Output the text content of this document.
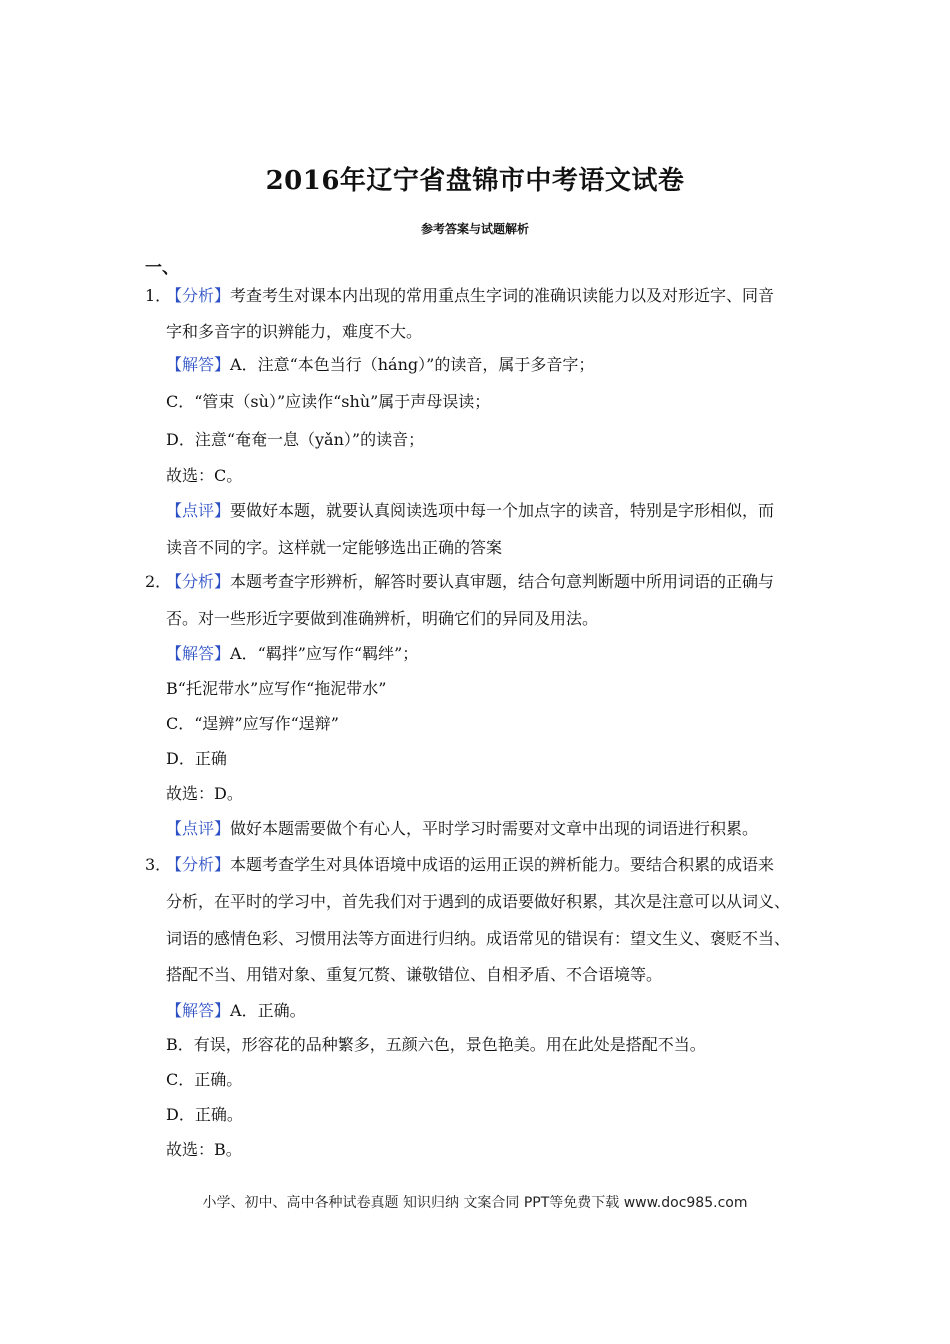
2016年辽宁省盘锦市中考语文试卷
参考答案与试题解析
一、
1．
【分析】考查考生对课本内出现的常用重点生字词的准确识读能力以及对形近字、同音
字和多音字的识辨能力，难度不大。
【解答】A．注意“本色当行（háng）”的读音，属于多音字；
C．“管束（sù）”应读作“shù”属于声母误读；
D．注意“奄奄一息（yǎn）”的读音；
故选：C。
【点评】要做好本题，就要认真阅读选项中每一个加点字的读音，特别是字形相似，而
读音不同的字。这样就一定能够选出正确的答案
2．
【分析】本题考查字形辨析，解答时要认真审题，结合句意判断题中所用词语的正确与
否。对一些形近字要做到准确辨析，明确它们的异同及用法。
【解答】A．“羁拌”应写作“羁绊”；
B“托泥带水”应写作“拖泥带水”
C．“逞辨”应写作“逞辩”
D．正确
故选：D。
【点评】做好本题需要做个有心人，平时学习时需要对文章中出现的词语进行积累。
3．
【分析】本题考查学生对具体语境中成语的运用正误的辨析能力。要结合积累的成语来
分析，在平时的学习中，首先我们对于遇到的成语要做好积累，其次是注意可以从词义、
词语的感情色彩、习惯用法等方面进行归纳。成语常见的错误有：望文生义、褒贬不当、
搭配不当、用错对象、重复冗赘、谦敬错位、自相矛盾、不合语境等。
【解答】A．正确。
B．有误，形容花的品种繁多，五颜六色，景色艳美。用在此处是搭配不当。
C．正确。
D．正确。
故选：B。
小学、初中、高中各种试卷真题 知识归纳 文案合同 PPT等免费下载 www.doc985.com
